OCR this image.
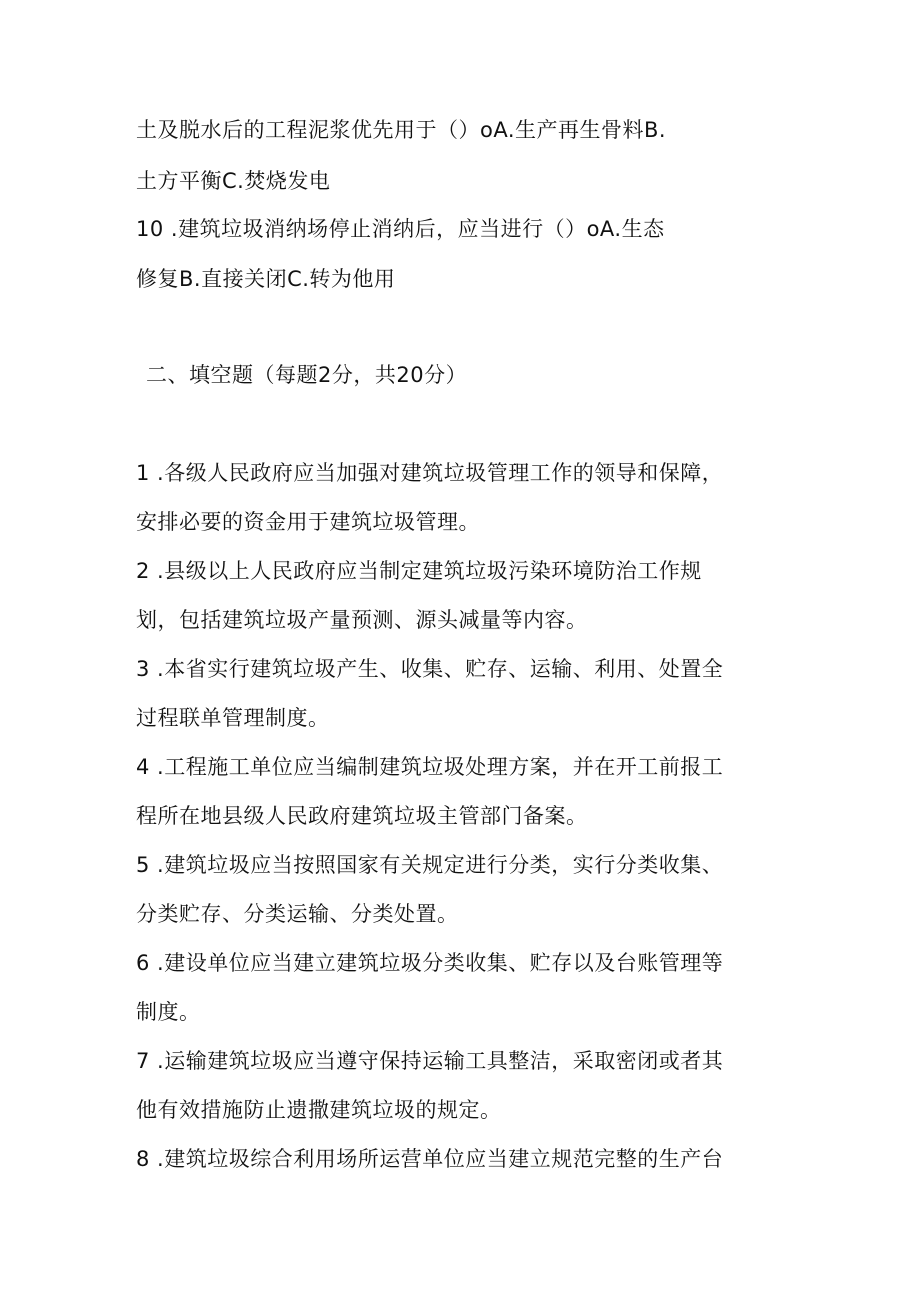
土及脱水后的工程泥浆优先用于（）oA.生产再生骨料B.
土方平衡C.焚烧发电
10 .建筑垃圾消纳场停止消纳后，应当进行（）oA.生态
修复B.直接关闭C.转为他用
二、填空题（每题2分，共20分）
1 .各级人民政府应当加强对建筑垃圾管理工作的领导和保障，
安排必要的资金用于建筑垃圾管理。
2 .县级以上人民政府应当制定建筑垃圾污染环境防治工作规
划，包括建筑垃圾产量预测、源头减量等内容。
3 .本省实行建筑垃圾产生、收集、贮存、运输、利用、处置全
过程联单管理制度。
4 .工程施工单位应当编制建筑垃圾处理方案，并在开工前报工
程所在地县级人民政府建筑垃圾主管部门备案。
5 .建筑垃圾应当按照国家有关规定进行分类，实行分类收集、
分类贮存、分类运输、分类处置。
6 .建设单位应当建立建筑垃圾分类收集、贮存以及台账管理等
制度。
7 .运输建筑垃圾应当遵守保持运输工具整洁，采取密闭或者其
他有效措施防止遗撒建筑垃圾的规定。
8 .建筑垃圾综合利用场所运营单位应当建立规范完整的生产台
